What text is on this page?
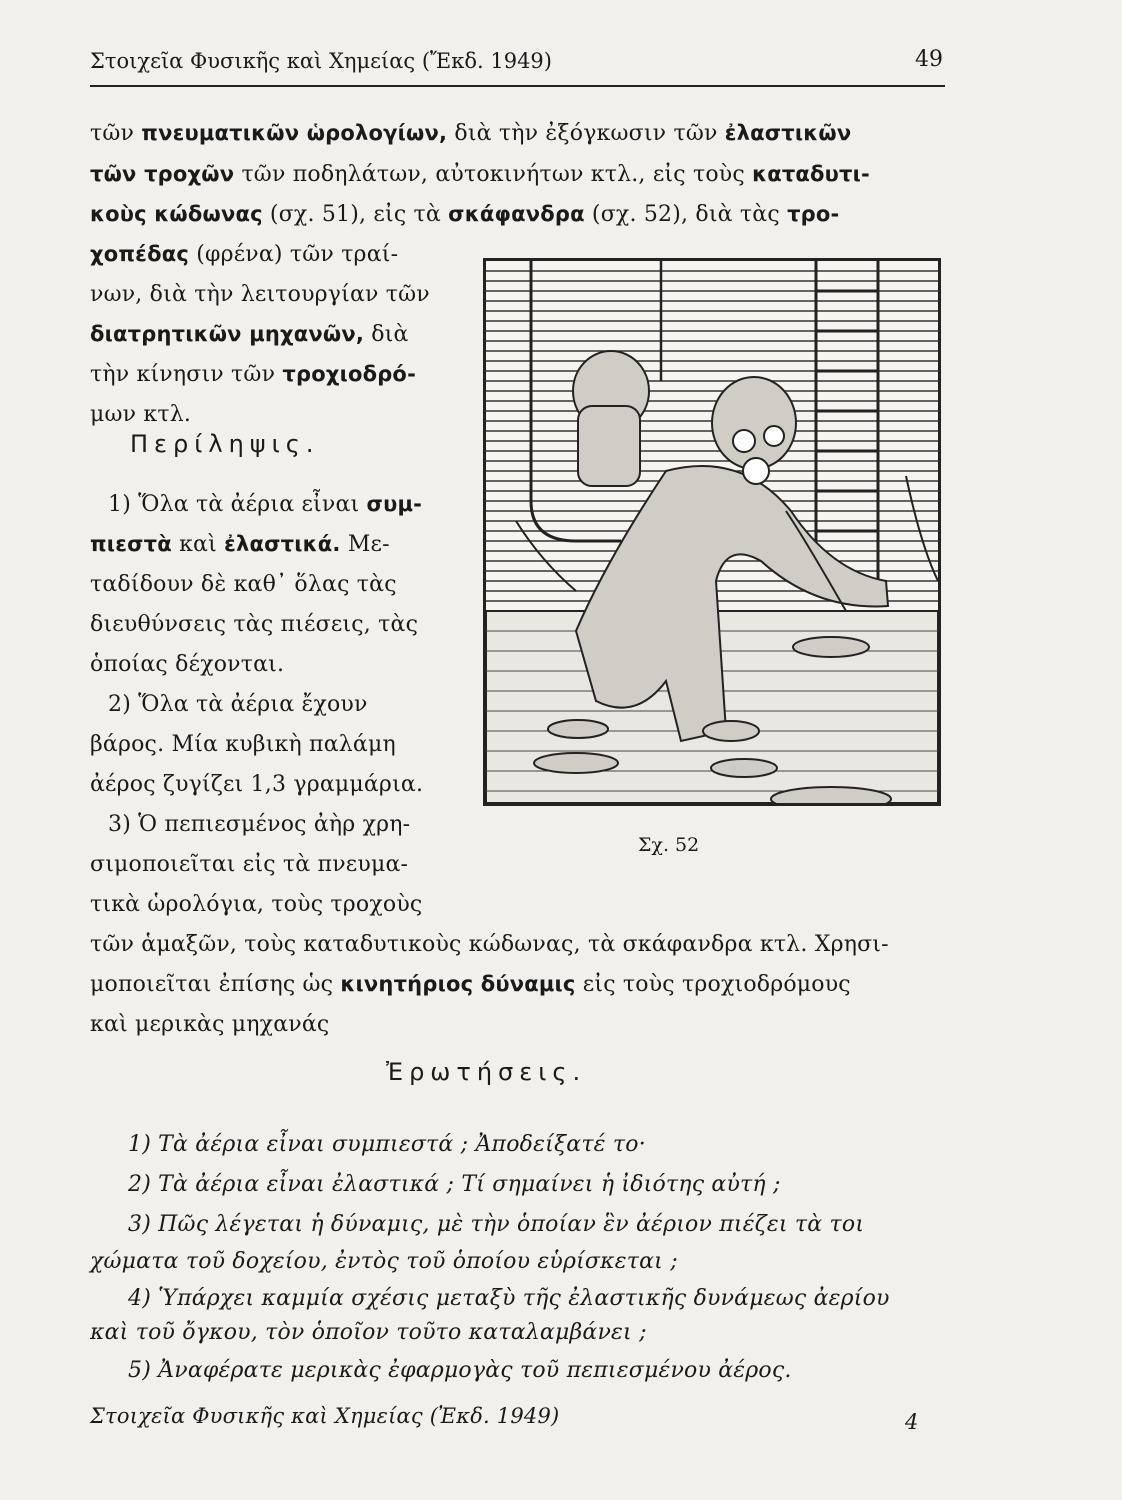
Στοιχεῖα Φυσικῆς καὶ Χημείας (Ἔκδ. 1949)	49
τῶν πνευματικῶν ὡρολογίων, διὰ τὴν ἐξόγκωσιν τῶν ἐλαστικῶν
τῶν τροχῶν τῶν ποδηλάτων, αὐτοκινήτων κτλ., εἰς τοὺς καταδυτι-
κοὺς κώδωνας (σχ. 51), εἰς τὰ σκάφανδρα (σχ. 52), διὰ τὰς τρο-
χοπέδας (φρένα) τῶν τραί-
νων, διὰ τὴν λειτουργίαν τῶν
διατρητικῶν μηχανῶν, διὰ
τὴν κίνησιν τῶν τροχιοδρό-
μων κτλ.
Περίληψις.
1) Ὅλα τὰ ἀέρια εἶναι συμ-
πιεστὰ καὶ ἐλαστικά. Με-
ταδίδουν δὲ καθ᾽ ὅλας τὰς
διευθύνσεις τὰς πιέσεις, τὰς
ὁποίας δέχονται.
2) Ὅλα τὰ ἀέρια ἔχουν
βάρος. Μία κυβικὴ παλάμη
ἀέρος ζυγίζει 1,3 γραμμάρια.
3) Ὁ πεπιεσμένος ἀὴρ χρη-
σιμοποιεῖται εἰς τὰ πνευμα-
τικὰ ὡρολόγια, τοὺς τροχοὺς
τῶν ἁμαξῶν, τοὺς καταδυτικοὺς κώδωνας, τὰ σκάφανδρα κτλ. Χρησι-
μοποιεῖται ἐπίσης ὡς κινητήριος δύναμις εἰς τοὺς τροχιοδρόμους
καὶ μερικὰς μηχανάς
Σχ. 52
Ἐρωτήσεις.
1) Τὰ ἀέρια εἶναι συμπιεστά ; Ἀποδείξατέ το·
2) Τὰ ἀέρια εἶναι ἐλαστικά ; Τί σημαίνει ἡ ἰδιότης αὐτή ;
3) Πῶς λέγεται ἡ δύναμις, μὲ τὴν ὁποίαν ἓν ἀέριον πιέζει τὰ τοι
χώματα τοῦ δοχείου, ἐντὸς τοῦ ὁποίου εὑρίσκεται ;
4) Ὑπάρχει καμμία σχέσις μεταξὺ τῆς ἐλαστικῆς δυνάμεως ἀερίου
καὶ τοῦ ὄγκου, τὸν ὁποῖον τοῦτο καταλαμβάνει ;
5) Ἀναφέρατε μερικὰς ἐφαρμογὰς τοῦ πεπιεσμένου ἀέρος.
Στοιχεῖα Φυσικῆς καὶ Χημείας (Ἐκδ. 1949)	4
